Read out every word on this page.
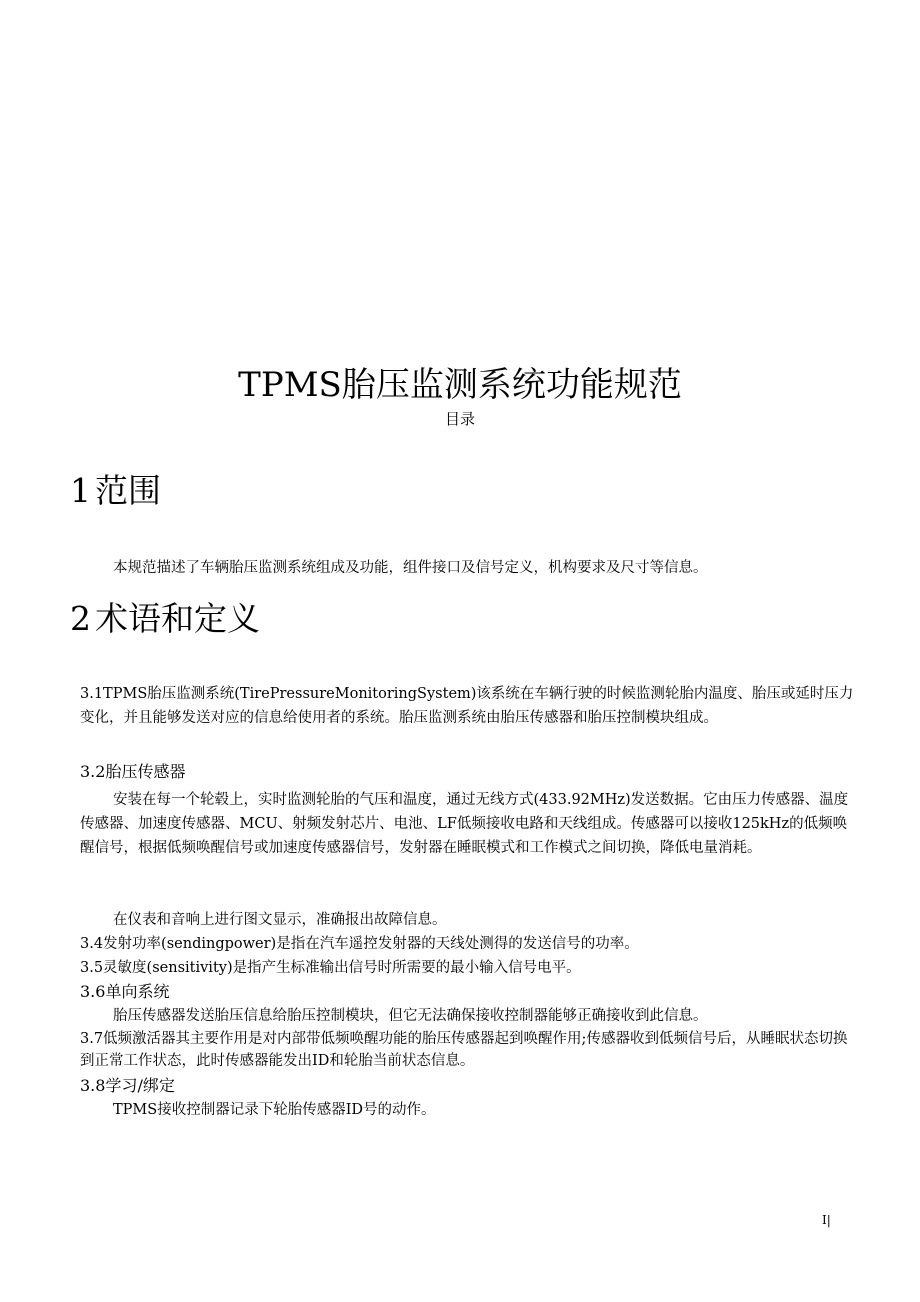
TPMS胎压监测系统功能规范
目录
1 范围
本规范描述了车辆胎压监测系统组成及功能，组件接口及信号定义，机构要求及尺寸等信息。
2 术语和定义
3.1TPMS胎压监测系统(TirePressureMonitoringSystem)该系统在车辆行驶的时候监测轮胎内温度、胎压或延时压力变化，并且能够发送对应的信息给使用者的系统。胎压监测系统由胎压传感器和胎压控制模块组成。
3.2胎压传感器
安装在每一个轮毂上，实时监测轮胎的气压和温度，通过无线方式(433.92MHz)发送数据。它由压力传感器、温度传感器、加速度传感器、MCU、射频发射芯片、电池、LF低频接收电路和天线组成。传感器可以接收125kHz的低频唤醒信号，根据低频唤醒信号或加速度传感器信号，发射器在睡眠模式和工作模式之间切换，降低电量消耗。
在仪表和音响上进行图文显示，准确报出故障信息。
3.4发射功率(sendingpower)是指在汽车遥控发射器的天线处测得的发送信号的功率。
3.5灵敏度(sensitivity)是指产生标准输出信号时所需要的最小输入信号电平。
3.6单向系统
胎压传感器发送胎压信息给胎压控制模块，但它无法确保接收控制器能够正确接收到此信息。
3.7低频激活器其主要作用是对内部带低频唤醒功能的胎压传感器起到唤醒作用;传感器收到低频信号后，从睡眠状态切换到正常工作状态，此时传感器能发出ID和轮胎当前状态信息。
3.8学习/绑定
TPMS接收控制器记录下轮胎传感器ID号的动作。
I|
